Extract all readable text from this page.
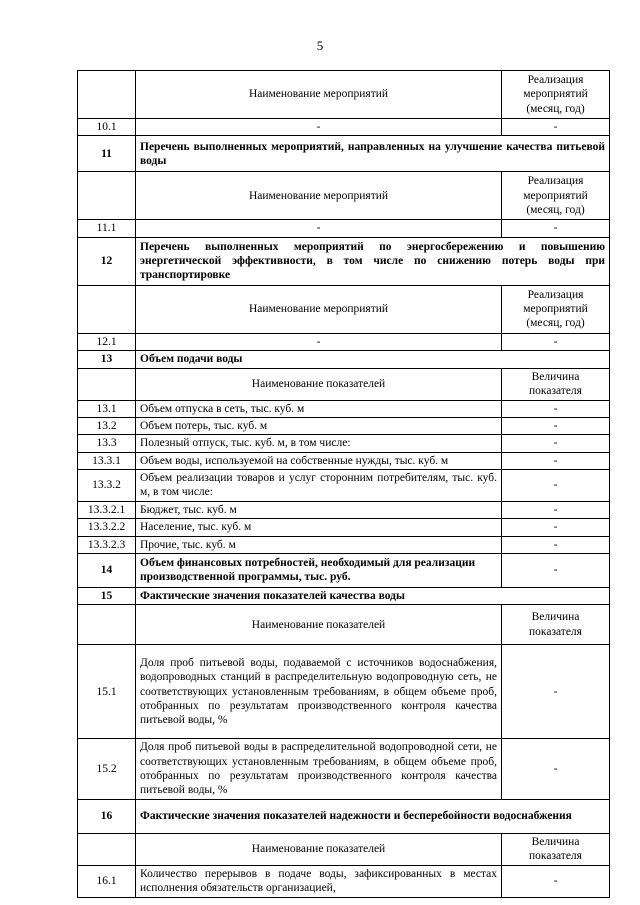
5
	Наименование мероприятий	Реализация мероприятий (месяц, год)
10.1	-	-
11	Перечень выполненных мероприятий, направленных на улучшение качества питьевой воды	
	Наименование мероприятий	Реализация мероприятий (месяц, год)
11.1	-	-
12	Перечень выполненных мероприятий по энергосбережению и повышению энергетической эффективности, в том числе по снижению потерь воды при транспортировке	
	Наименование мероприятий	Реализация мероприятий (месяц, год)
12.1	-	-
13	Объем подачи воды	
	Наименование показателей	Величина показателя
13.1	Объем отпуска в сеть, тыс. куб. м	-
13.2	Объем потерь, тыс. куб. м	-
13.3	Полезный отпуск, тыс. куб. м, в том числе:	-
13.3.1	Объем воды, используемой на собственные нужды, тыс. куб. м	-
13.3.2	Объем реализации товаров и услуг сторонним потребителям, тыс. куб. м, в том числе:	-
13.3.2.1	Бюджет, тыс. куб. м	-
13.3.2.2	Население, тыс. куб. м	-
13.3.2.3	Прочие, тыс. куб. м	-
14	Объем финансовых потребностей, необходимый для реализации производственной программы, тыс. руб.	-
15	Фактические значения показателей качества воды	
	Наименование показателей	Величина показателя
15.1	Доля проб питьевой воды, подаваемой с источников водоснабжения, водопроводных станций в распределительную водопроводную сеть, не соответствующих установленным требованиям, в общем объеме проб, отобранных по результатам производственного контроля качества питьевой воды, %	-
15.2	Доля проб питьевой воды в распределительной водопроводной сети, не соответствующих установленным требованиям, в общем объеме проб, отобранных по результатам производственного контроля качества питьевой воды, %	-
16	Фактические значения показателей надежности и бесперебойности водоснабжения	
	Наименование показателей	Величина показателя
16.1	Количество перерывов в подаче воды, зафиксированных в местах исполнения обязательств организацией,	-
